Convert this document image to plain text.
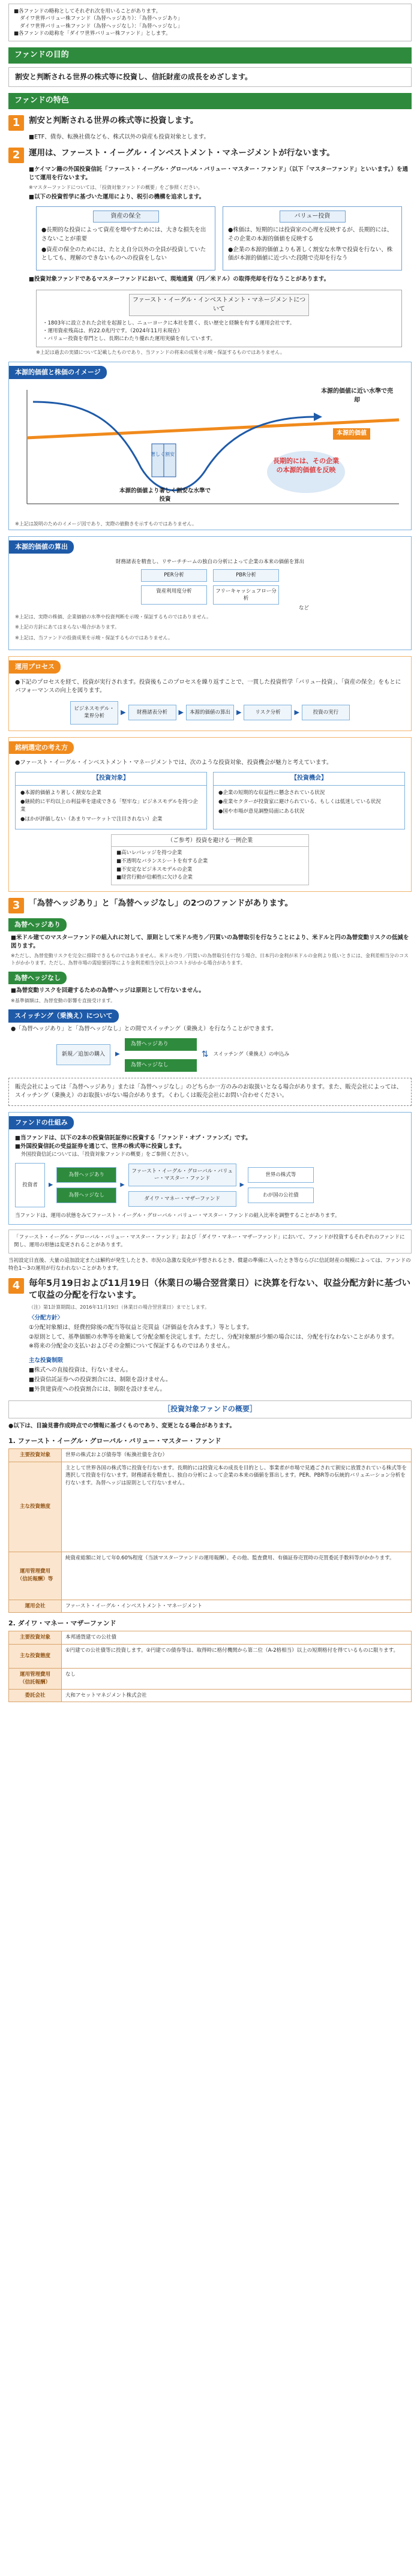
■各ファンドの略称としてそれぞれ次を用いることがあります。
ダイワ世界バリュー株ファンド（為替ヘッジあり）：「為替ヘッジあり」
ダイワ世界バリュー株ファンド（為替ヘッジなし）：「為替ヘッジなし」
■各ファンドの総称を「ダイワ世界バリュー株ファンド」とします。
ファンドの目的
割安と判断される世界の株式等に投資し、信託財産の成長をめざします。
ファンドの特色
1	割安と判断される世界の株式等に投資します。
■ETF、債券、転換社債なども、株式以外の資産も投資対象とします。
2	運用は、ファースト・イーグル・インベストメント・マネージメントが行ないます。
■ケイマン籍の外国投資信託「ファースト・イーグル・グローバル・バリュー・マスター・ファンド」（以下「マスターファンド」といいます。）を通じて運用を行ないます。
※マスターファンドについては、「投資対象ファンドの概要」をご参照ください。
■以下の投資哲学に基づいた運用により、税引の機構を追求します。
資産の保全
●長期的な投資によって資産を増やすためには、大きな損失を出さないことが重要
●資産の保全のためには、たとえ自分以外の全員が投資していたとしても、理解のできないものへの投資をしない
バリュー投資
●株価は、短期的には投資家の心理を反映するが、長期的には、その企業の本源的価値を反映する
●企業の本源的価値よりも著しく割安な水準で投資を行ない、株価が本源的価値に近づいた段階で売却を行なう
■投資対象ファンドであるマスターファンドにおいて、現地通貨（円／米ドル）の取得売却を行なうことがあります。
ファースト・イーグル・インベストメント・マネージメントについて
・1803年に設立された会社を起源とし、ニューヨークに本社を置く、長い歴史と経験を有する運用会社です。
・運用資産残高は、約22.0兆円です。（2024年11月末現在）
・バリュー投資を専門とし、長期にわたり優れた運用実績を有しています。
※上記は過去の実績について記載したものであり、当ファンドの将来の成果を示唆・保証するものではありません。
本源的価値と株価のイメージ
本源的価値に近い水準で売却
本源的価値
著しく割安
本源的価値より著しく割安な水準で投資
長期的には、その企業の本源的価値を反映
※上記は説明のためのイメージ図であり、実際の値動きを示すものではありません。
本源的価値の算出
財務諸表を精査し、リサーチチームの独自の分析によって企業の本来の価値を算出
PER分析	PBR分析
資産利用度分析	フリーキャッシュフロー分析
など
※上記は、実際の株価、企業価値の水準や投資判断を示唆・保証するものではありません。
※上記の方針にあてはまらない場合があります。
※上記は、当ファンドの投資成果を示唆・保証するものではありません。
運用プロセス
●下記のプロセスを経て、投資が実行されます。投資後もこのプロセスを繰り返すことで、一貫した投資哲学「バリュー投資」、「資産の保全」をもとにパフォーマンスの向上を図ります。
ビジネスモデル・業界分析	▶	財務諸表分析	▶	本源的価値の算出 ▶	リスク分析	▶	投資の実行
銘柄選定の考え方
●ファースト・イーグル・インベストメント・マネージメントでは、次のような投資対象、投資機会が魅力と考えています。
【投資対象】
●本源的価値より著しく割安な企業
●継続的に平均以上の利益率を達成できる「堅牢な」ビジネスモデルを持つ企業
●ほかが評価しない（あまりマーケットで注目されない）企業
【投資機会】
●企業の短期的な収益性に懸念されている状況
●産業セクターが投資家に避けられている、もしくは低迷している状況
●国や市場が意見調整局面にある状況
（ご参考）投資を避ける一例企業
■高いレバレッジを持つ企業
■不透明なバランスシートを有する企業
■不安定なビジネスモデルの企業
■経営行動が信頼性に欠ける企業
3	「為替ヘッジあり」と「為替ヘッジなし」の2つのファンドがあります。
為替ヘッジあり
■米ドル建てのマスターファンドの組入れに対して、原則として米ドル売り／円買いの為替取引を行なうことにより、米ドルと円の為替変動リスクの低減を図ります。
※ただし、為替変動リスクを完全に排除できるものではありません。米ドル売り／円買いの為替取引を行なう場合、日本円の金利が米ドルの金利より低いときには、金利差相当分のコストがかかります。ただし、為替市場の需給要因等により金利差相当分以上のコストがかかる場合があります。
為替ヘッジなし
■為替変動リスクを回避するための為替ヘッジは原則として行ないません。
※基準価額は、為替変動の影響を直接受けます。
スイッチング（乗換え）について
●「為替ヘッジあり」と「為替ヘッジなし」との間でスイッチング（乗換え）を行なうことができます。
新規／追加の購入	▶
為替ヘッジあり
為替ヘッジなし
⇅ スイッチング（乗換え）の申込み
販売会社によっては「為替ヘッジあり」または「為替ヘッジなし」のどちらか一方のみのお取扱いとなる場合があります。また、販売会社によっては、スイッチング（乗換え）のお取扱いがない場合があります。くわしくは販売会社にお問い合わせください。
ファンドの仕組み
■当ファンドは、以下の2本の投資信託証券に投資する「ファンド・オブ・ファンズ」です。
■外国投資信託の受益証券を通じて、世界の株式等に投資します。
外国投資信託については、「投資対象ファンドの概要」をご参照ください。
投資者	▶
為替ヘッジあり
為替ヘッジなし
▶
ファースト・イーグル・グローバル・バリュー・マスター・ファンド
ダイワ・マネー・マザーファンド
▶
世界の株式等
わが国の公社債
当ファンドは、運用の状態をみてファースト・イーグル・グローバル・バリュー・マスター・ファンドの組入比率を調整することがあります。
「ファースト・イーグル・グローバル・バリュー・マスター・ファンド」および「ダイワ・マネー・マザーファンド」において、ファンドが投資するそれぞれのファンドに関し、運用の形態は変更されることがあります。
当初設定日直後、大量の追加設定または解約が発生したとき、市況の急激な変化が予想されるとき、償還の準備に入ったとき等ならびに信託財産の規模によっては、ファンドの特色1〜3の運用が行なわれないことがあります。
4	毎年5月19日および11月19日（休業日の場合翌営業日）に決算を行ない、収益分配方針に基づいて収益の分配を行ないます。
（注）第1計算期間は、2016年11月19日（休業日の場合翌営業日）までとします。
〈分配方針〉

①分配対象額は、経費控除後の配当等収益と売買益（評価益を含みます。）等とします。

②原則として、基準価額の水準等を勘案して分配金額を決定します。ただし、分配対象額が少額の場合には、分配を行なわないことがあります。

※将来の分配金の支払いおよびその金額について保証するものではありません。

主な投資制限

■株式への直接投資は、行ないません。

■投資信託証券への投資割合には、制限を設けません。

■外貨建資産への投資割合には、制限を設けません。

［投資対象ファンドの概要］
●以下は、目論見書作成時点での情報に基づくものであり、変更となる場合があります。
1. ファースト・イーグル・グローバル・バリュー・マスター・ファンド
主要投資対象	世界の株式および債券等（転換社債を含む）
主な投資態度	主として世界各国の株式等に投資を行ないます。長期的には投資元本の成長を目的とし、事業者が市場で見過ごされて割安に放置されている株式等を選択して投資を行ないます。財務諸表を精査し、独自の分析によって企業の本来の価値を算出します。PER、PBR等の伝統的バリュエーション分析を行ないます。為替ヘッジは原則として行ないません。
運用管理費用
（信託報酬）等	純資産総額に対して年0.60%程度（当該マスターファンドの運用報酬）。その他、監査費用、有価証券売買時の売買委託手数料等がかかります。
運用会社	ファースト・イーグル・インベストメント・マネージメント
2. ダイワ・マネー・マザーファンド
主要投資対象	本邦通貨建ての公社債
主な投資態度	①円建ての公社債等に投資します。②円建ての債券等は、取得時に格付機関から第二位（A-2格相当）以上の短期格付を得ているものに限ります。
運用管理費用
（信託報酬）	なし
委託会社	大和アセットマネジメント株式会社
